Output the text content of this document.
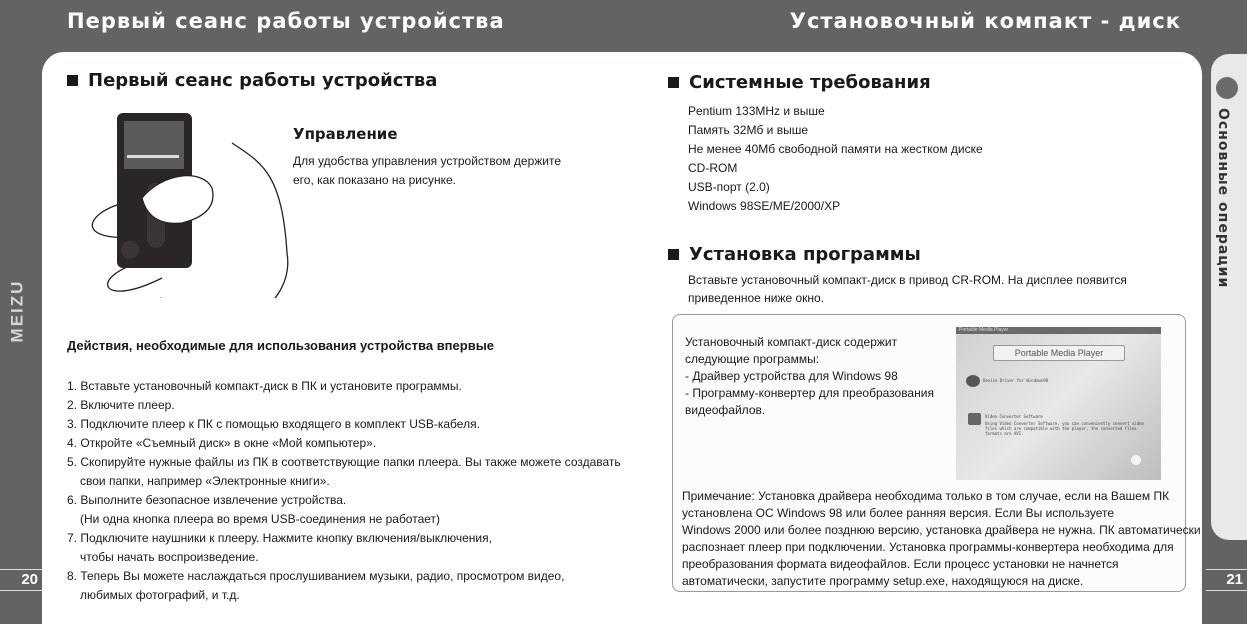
Первый сеанс работы устройства	Установочный компакт - диск
MEIZU
20	21
Основные операции
Первый сеанс работы устройства
Управление
Для удобства управления устройством держите
его, как показано на рисунке.
Действия, необходимые для использования устройства впервые
1. Вставьте установочный компакт-диск в ПК и установите программы.
2. Включите плеер.
3. Подключите плеер к ПК с помощью входящего в комплект USB-кабеля.
4. Откройте «Съемный диск» в окне «Мой компьютер».
5. Скопируйте нужные файлы из ПК в соответствующие папки плеера. Вы также можете создавать
свои папки, например «Электронные книги».
6. Выполните безопасное извлечение устройства.
(Ни одна кнопка плеера во время USB-соединения не работает)
7. Подключите наушники к плееру. Нажмите кнопку включения/выключения,
чтобы начать воспроизведение.
8. Теперь Вы можете наслаждаться прослушиванием музыки, радио, просмотром видео,
любимых фотографий, и т.д.
Системные требования
Pentium 133MHz и выше
Память 32Мб и выше
Не менее 40Мб свободной памяти на жестком диске
CD-ROM
USB-порт (2.0)
Windows 98SE/ME/2000/XP
Установка программы
Вставьте установочный компакт-диск в привод CR-ROM. На дисплее появится
приведенное ниже окно.
Установочный компакт-диск содержит
следующие программы:
- Драйвер устройства для Windows 98
- Программу-конвертер для преобразования
видеофайлов.
Portable Media Player
Portable Media Player
Device Driver for Windows98
Video Converter Software
Using Video Converter Software, you can conveniently convert video files which are compatible with the player, the converted files formats are AVI.
Примечание: Установка драйвера необходима только в том случае, если на Вашем ПК
установлена ОС Windows 98 или более ранняя версия. Если Вы используете
Windows 2000 или более позднюю версию, установка драйвера не нужна. ПК автоматически
распознает плеер при подключении. Установка программы-конвертера необходима для
преобразования формата видеофайлов. Если процесс установки не начнется
автоматически, запустите программу setup.exe, находящуюся на диске.
